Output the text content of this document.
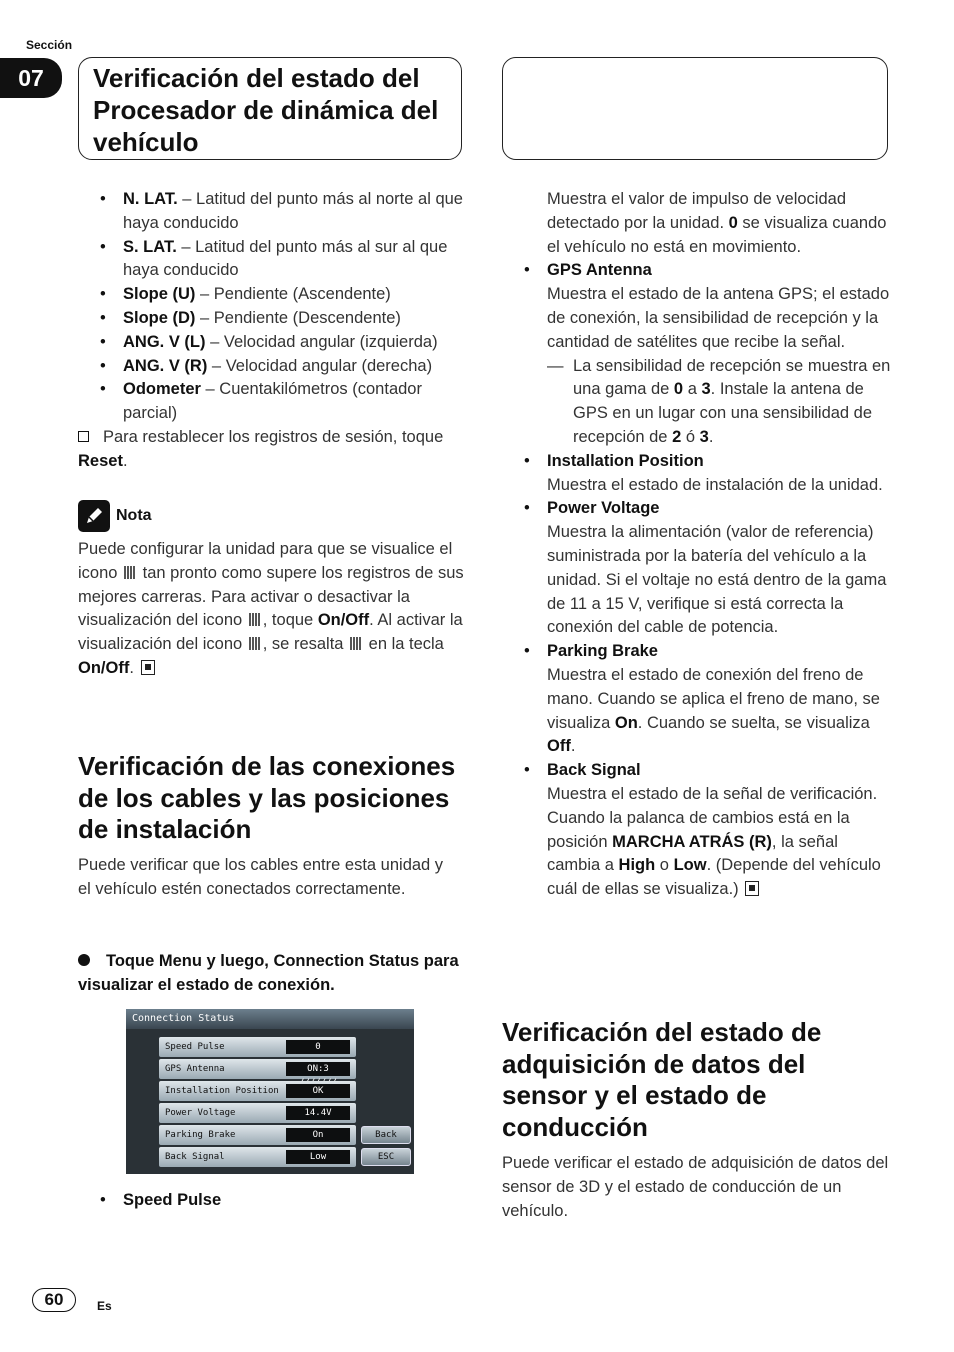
Sección
07	Verificación del estado del Procesador de dinámica del vehículo
• N. LAT. – Latitud del punto más al norte al que haya conducido
• S. LAT. – Latitud del punto más al sur al que haya conducido
• Slope (U) – Pendiente (Ascendente)
• Slope (D) – Pendiente (Descendente)
• ANG. V (L) – Velocidad angular (izquierda)
• ANG. V (R) – Velocidad angular (derecha)
• Odometer – Cuentakilómetros (contador parcial)
Para restablecer los registros de sesión, toque Reset.
Nota
Puede configurar la unidad para que se visualice el icono  tan pronto como supere los registros de sus mejores carreras. Para activar o desactivar la visualización del icono , toque On/Off. Al activar la visualización del icono , se resalta  en la tecla On/Off.
Verificación de las conexiones de los cables y las posiciones de instalación
Puede verificar que los cables entre esta unidad y el vehículo estén conectados correctamente.
Toque Menu y luego, Connection Status para visualizar el estado de conexión.
Connection Status
Speed Pulse	0
GPS Antenna	ON:3
Installation Position	OK
Power Voltage	14.4V
Parking Brake	On
Back Signal	Low
Back
ESC
• Speed Pulse
Muestra el valor de impulso de velocidad detectado por la unidad. 0 se visualiza cuando el vehículo no está en movimiento.
• GPS Antenna
Muestra el estado de la antena GPS; el estado de conexión, la sensibilidad de recepción y la cantidad de satélites que recibe la señal.
— La sensibilidad de recepción se muestra en una gama de 0 a 3. Instale la antena de GPS en un lugar con una sensibilidad de recepción de 2 ó 3.
• Installation Position
Muestra el estado de instalación de la unidad.
• Power Voltage
Muestra la alimentación (valor de referencia) suministrada por la batería del vehículo a la unidad. Si el voltaje no está dentro de la gama de 11 a 15 V, verifique si está correcta la conexión del cable de potencia.
• Parking Brake
Muestra el estado de conexión del freno de mano. Cuando se aplica el freno de mano, se visualiza On. Cuando se suelta, se visualiza Off.
• Back Signal
Muestra el estado de la señal de verificación. Cuando la palanca de cambios está en la posición MARCHA ATRÁS (R), la señal cambia a High o Low. (Depende del vehículo cuál de ellas se visualiza.)
Verificación del estado de adquisición de datos del sensor y el estado de conducción
Puede verificar el estado de adquisición de datos del sensor de 3D y el estado de conducción de un vehículo.
60	Es
